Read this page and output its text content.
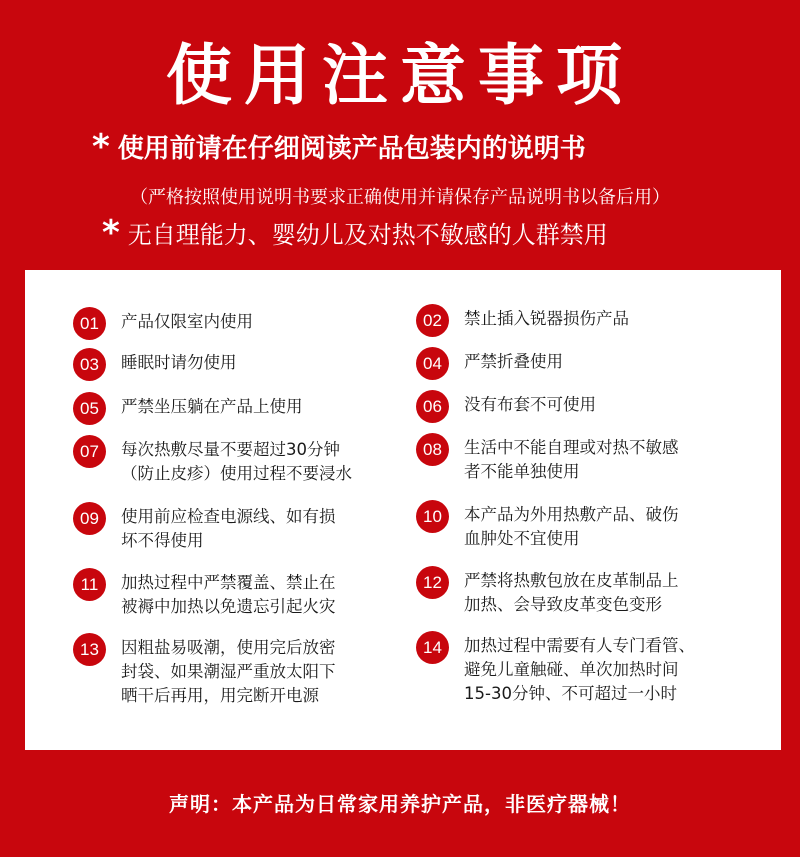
使用注意事项
* 使用前请在仔细阅读产品包装内的说明书
（严格按照使用说明书要求正确使用并请保存产品说明书以备后用）
* 无自理能力、婴幼儿及对热不敏感的人群禁用
01	产品仅限室内使用	02	禁止插入锐器损伤产品
03	睡眠时请勿使用	04	严禁折叠使用
05	严禁坐压躺在产品上使用	06	没有布套不可使用
07	每次热敷尽量不要超过30分钟
（防止皮疹）使用过程不要浸水
08	生活中不能自理或对热不敏感
者不能单独使用
09	使用前应检查电源线、如有损
坏不得使用
10	本产品为外用热敷产品、破伤
血肿处不宜使用
11	加热过程中严禁覆盖、禁止在
被褥中加热以免遗忘引起火灾
12	严禁将热敷包放在皮革制品上
加热、会导致皮革变色变形
13	因粗盐易吸潮，使用完后放密
封袋、如果潮湿严重放太阳下
晒干后再用，用完断开电源
14	加热过程中需要有人专门看管、
避免儿童触碰、单次加热时间
15-30分钟、不可超过一小时
声明：本产品为日常家用养护产品，非医疗器械！
